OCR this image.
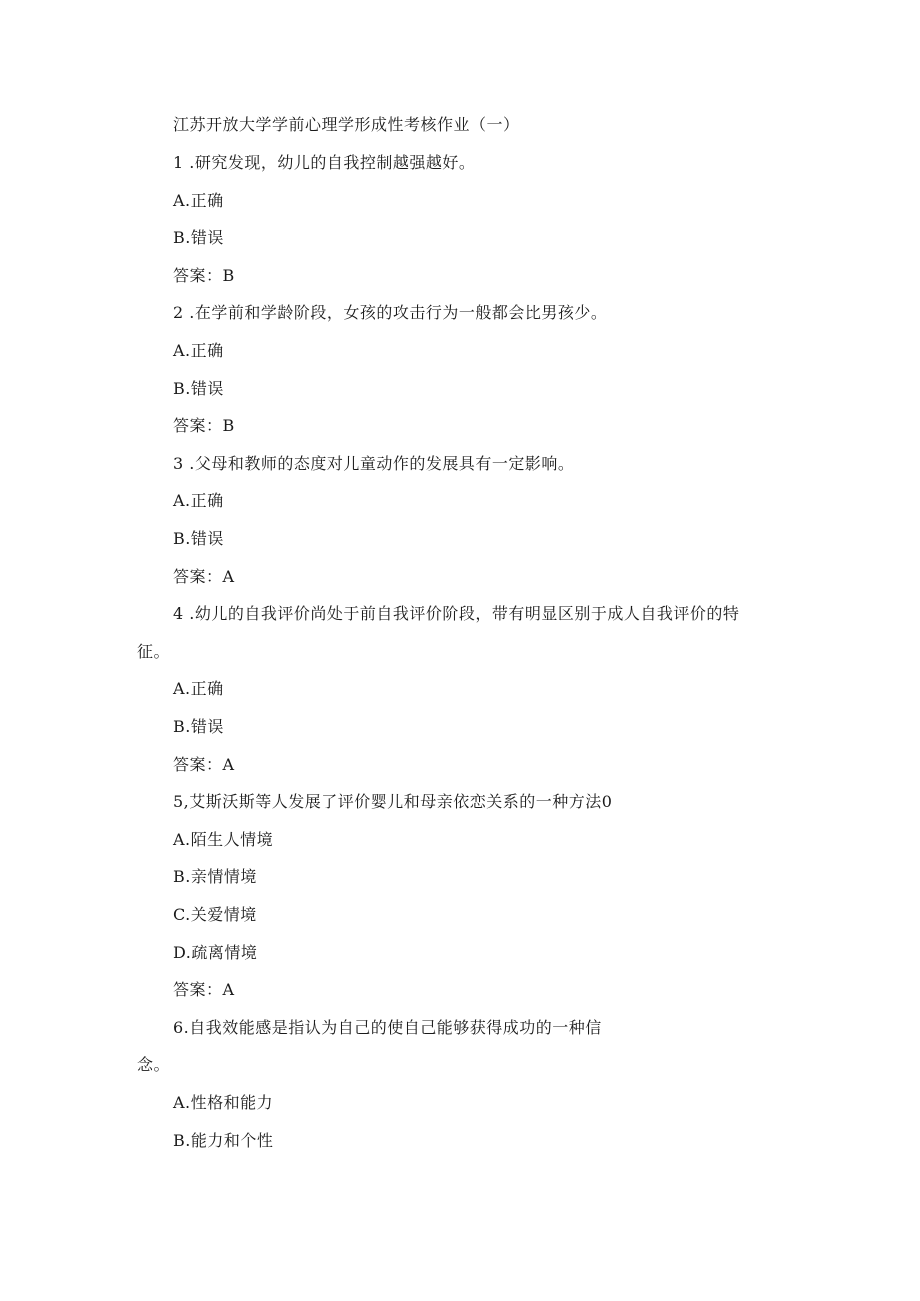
江苏开放大学学前心理学形成性考核作业（一）
1 .研究发现，幼儿的自我控制越强越好。
A.正确
B.错误
答案：B
2 .在学前和学龄阶段，女孩的攻击行为一般都会比男孩少。
A.正确
B.错误
答案：B
3 .父母和教师的态度对儿童动作的发展具有一定影响。
A.正确
B.错误
答案：A
4 .幼儿的自我评价尚处于前自我评价阶段，带有明显区别于成人自我评价的特
征。
A.正确
B.错误
答案：A
5,艾斯沃斯等人发展了评价婴儿和母亲依恋关系的一种方法0
A.陌生人情境
B.亲情情境
C.关爱情境
D.疏离情境
答案：A
6.自我效能感是指认为自己的使自己能够获得成功的一种信
念。
A.性格和能力
B.能力和个性
